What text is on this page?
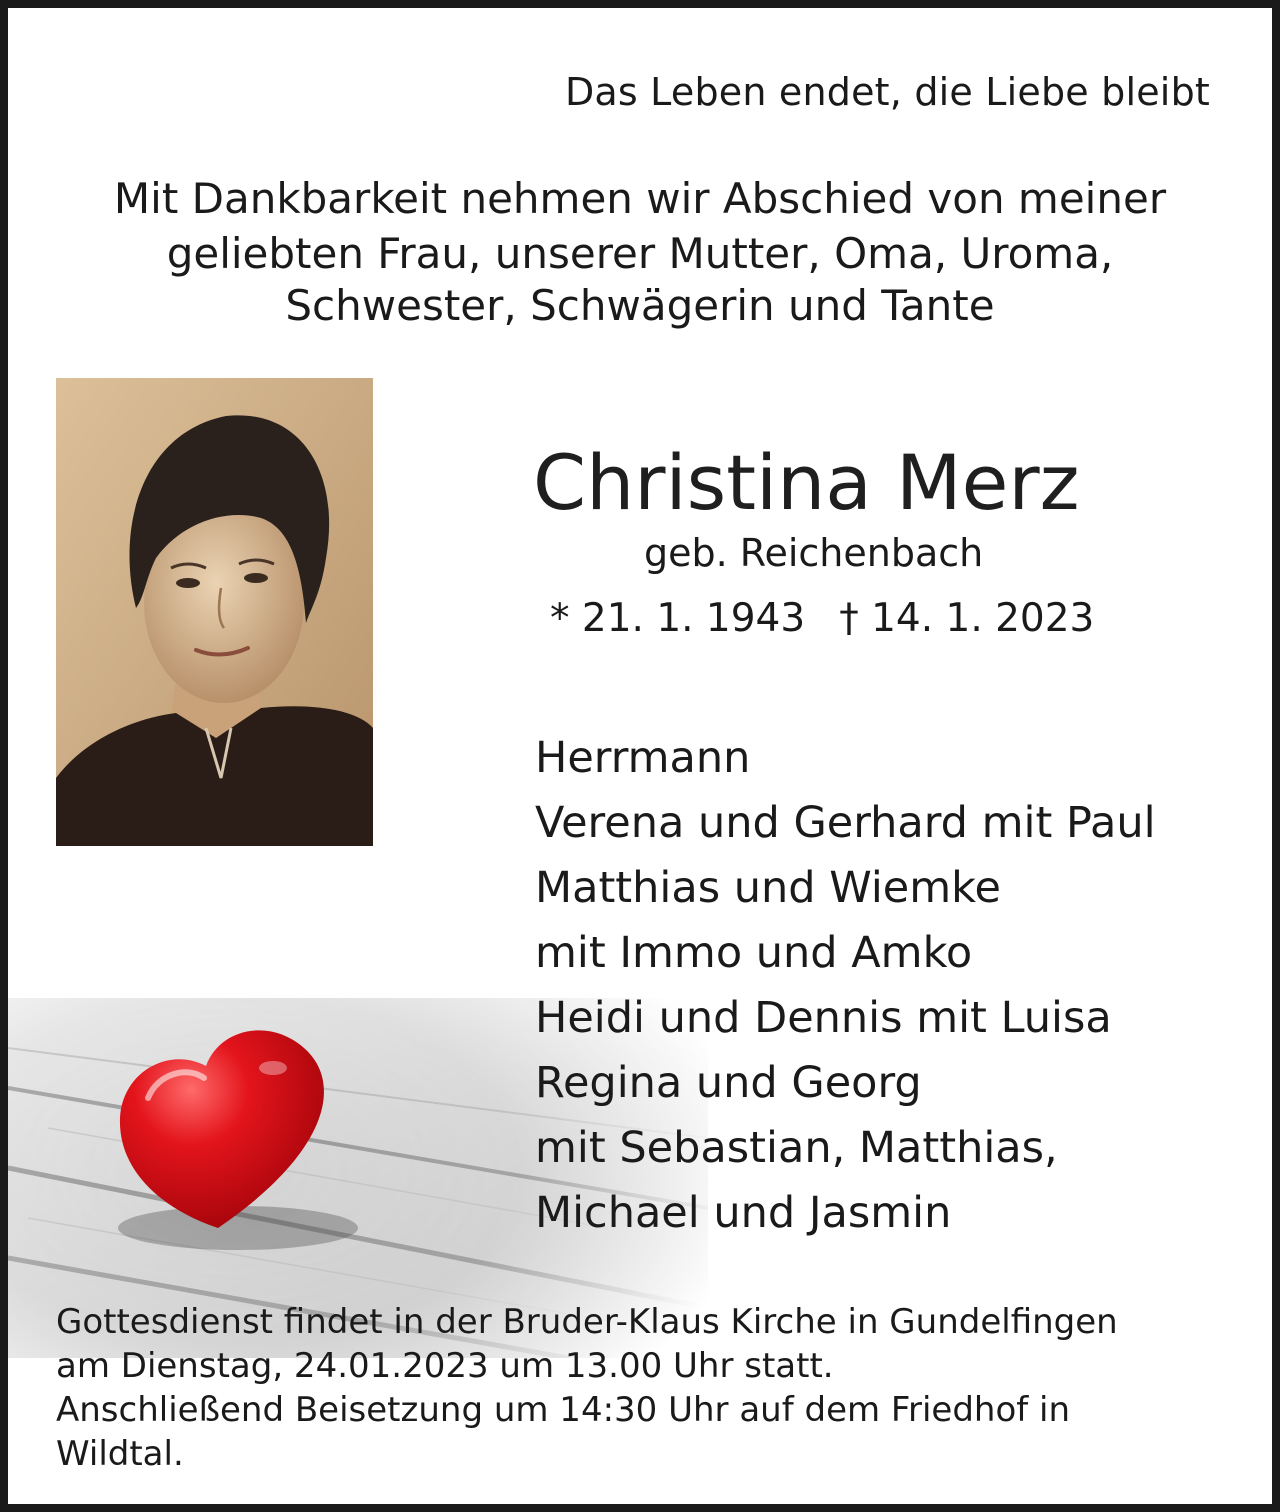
Das Leben endet, die Liebe bleibt
Mit Dankbarkeit nehmen wir Abschied von meiner
geliebten Frau, unserer Mutter, Oma, Uroma,
Schwester, Schwägerin und Tante
Christina Merz
geb. Reichenbach
* 21. 1. 1943 † 14. 1. 2023
Herrmann
Verena und Gerhard mit Paul
Matthias und Wiemke
mit Immo und Amko
Heidi und Dennis mit Luisa
Regina und Georg
mit Sebastian, Matthias,
Michael und Jasmin
Gottesdienst findet in der Bruder-Klaus Kirche in Gundelfingen
am Dienstag, 24.01.2023 um 13.00 Uhr statt.
Anschließend Beisetzung um 14:30 Uhr auf dem Friedhof in
Wildtal.
